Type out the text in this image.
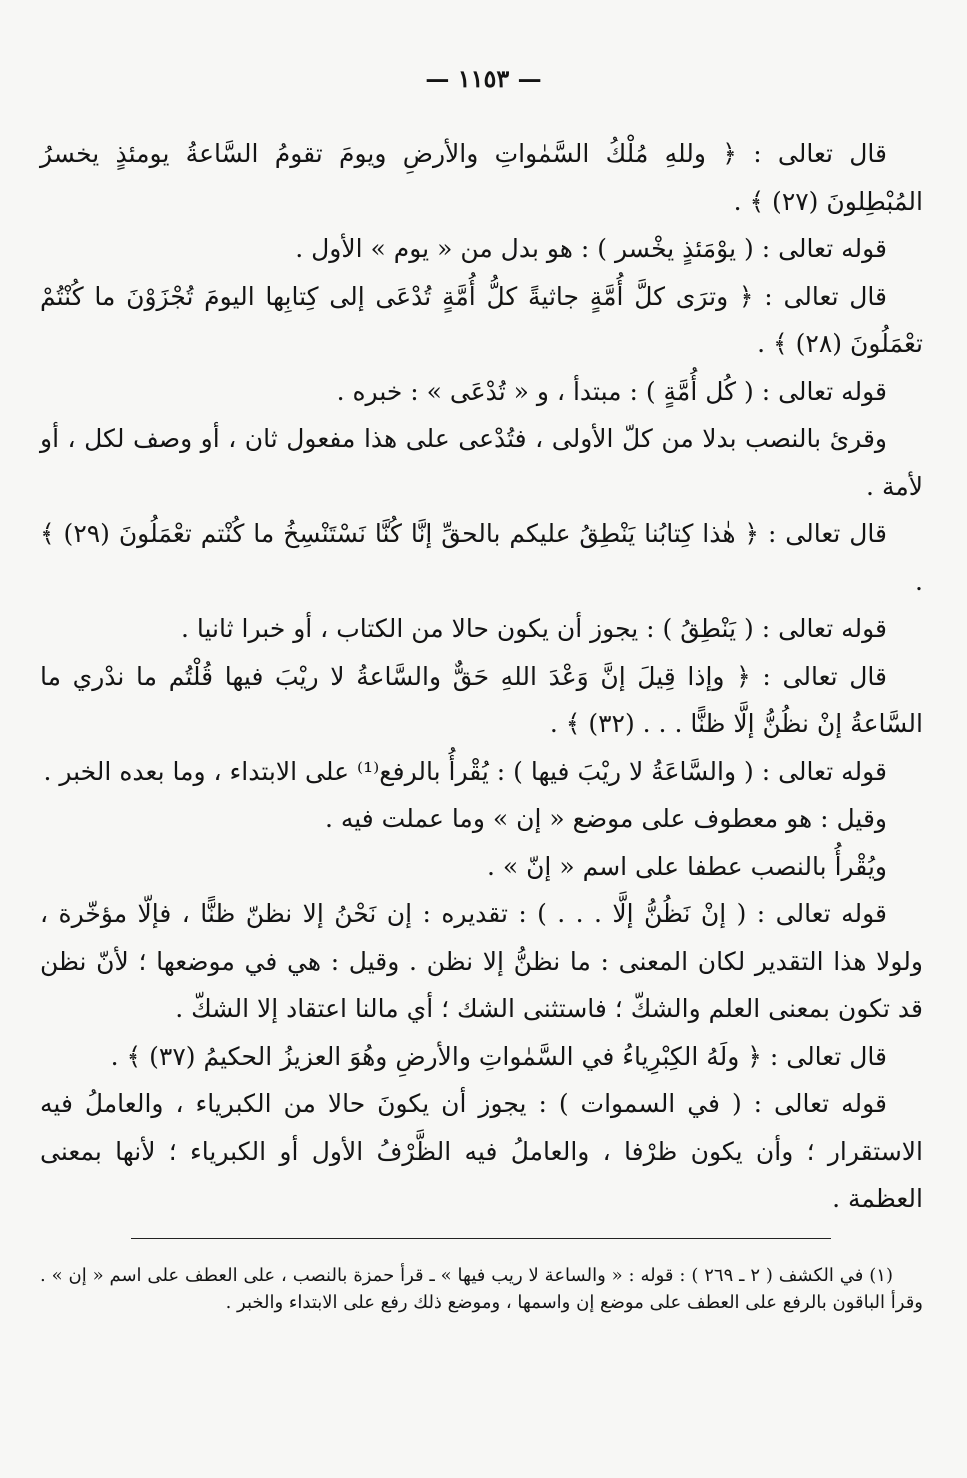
— ١١٥٣ —

قال تعالى : ﴿ وللهِ مُلْكُ السَّمٰواتِ والأرضِ ويومَ تقومُ السَّاعةُ يومئذٍ يخسرُ المُبْطِلونَ (٢٧) ﴾ .

قوله تعالى : ( يوْمَئذٍ يخْسر ) : هو بدل من « يوم » الأول .

قال تعالى : ﴿ وترَى كلَّ أُمَّةٍ جاثيةً كلُّ أُمَّةٍ تُدْعَى إلى كِتابِها اليومَ تُجْزَوْنَ ما كُنْتُمْ تعْمَلُونَ (٢٨) ﴾ .

قوله تعالى : ( كُل أُمَّةٍ ) : مبتدأ ، و « تُدْعَى » : خبره .

وقرئ بالنصب بدلا من كلّ الأولى ، فتُدْعى على هذا مفعول ثان ، أو وصف لكل ، أو لأمة .

قال تعالى : ﴿ هٰذا كِتابُنا يَنْطِقُ عليكم بالحقِّ إنَّا كُنَّا نَسْتَنْسِخُ ما كُنْتم تعْمَلُونَ (٢٩) ﴾ .

قوله تعالى : ( يَنْطِقُ ) : يجوز أن يكون حالا من الكتاب ، أو خبرا ثانيا .

قال تعالى : ﴿ وإذا قِيلَ إنَّ وَعْدَ اللهِ حَقٌّ والسَّاعةُ لا ريْبَ فيها قُلْتُم ما ندْري ما السَّاعةُ إنْ نظُنُّ إلَّا ظنًّا . . . (٣٢) ﴾ .

قوله تعالى : ( والسَّاعَةُ لا ريْبَ فيها ) : يُقْرأُ بالرفع⁽¹⁾ على الابتداء ، وما بعده الخبر .

وقيل : هو معطوف على موضع « إن » وما عملت فيه .

ويُقْرأُ بالنصب عطفا على اسم « إنّ » .

قوله تعالى : ( إنْ نَظُنُّ إلَّا . . . ) : تقديره : إن نَحْنُ إلا نظنّ ظنًّا ، فإلّا مؤخّرة ، ولولا هذا التقدير لكان المعنى : ما نظنُّ إلا نظن . وقيل : هي في موضعها ؛ لأنّ نظن قد تكون بمعنى العلم والشكّ ؛ فاستثنى الشك ؛ أي مالنا اعتقاد إلا الشكّ .

قال تعالى : ﴿ ولَهُ الكِبْرِياءُ في السَّمٰواتِ والأرضِ وهُوَ العزيزُ الحكيمُ (٣٧) ﴾ .

قوله تعالى : ( في السموات ) : يجوز أن يكونَ حالا من الكبرياء ، والعاملُ فيه الاستقرار ؛ وأن يكون ظرْفا ، والعاملُ فيه الظَّرْفُ الأول أو الكبرياء ؛ لأنها بمعنى العظمة .

(١) في الكشف ( ٢ ـ ٢٦٩ ) : قوله : « والساعة لا ريب فيها » ـ قرأ حمزة بالنصب ، على العطف على اسم « إن » . وقرأ الباقون بالرفع على العطف على موضع إن واسمها ، وموضع ذلك رفع على الابتداء والخبر .
